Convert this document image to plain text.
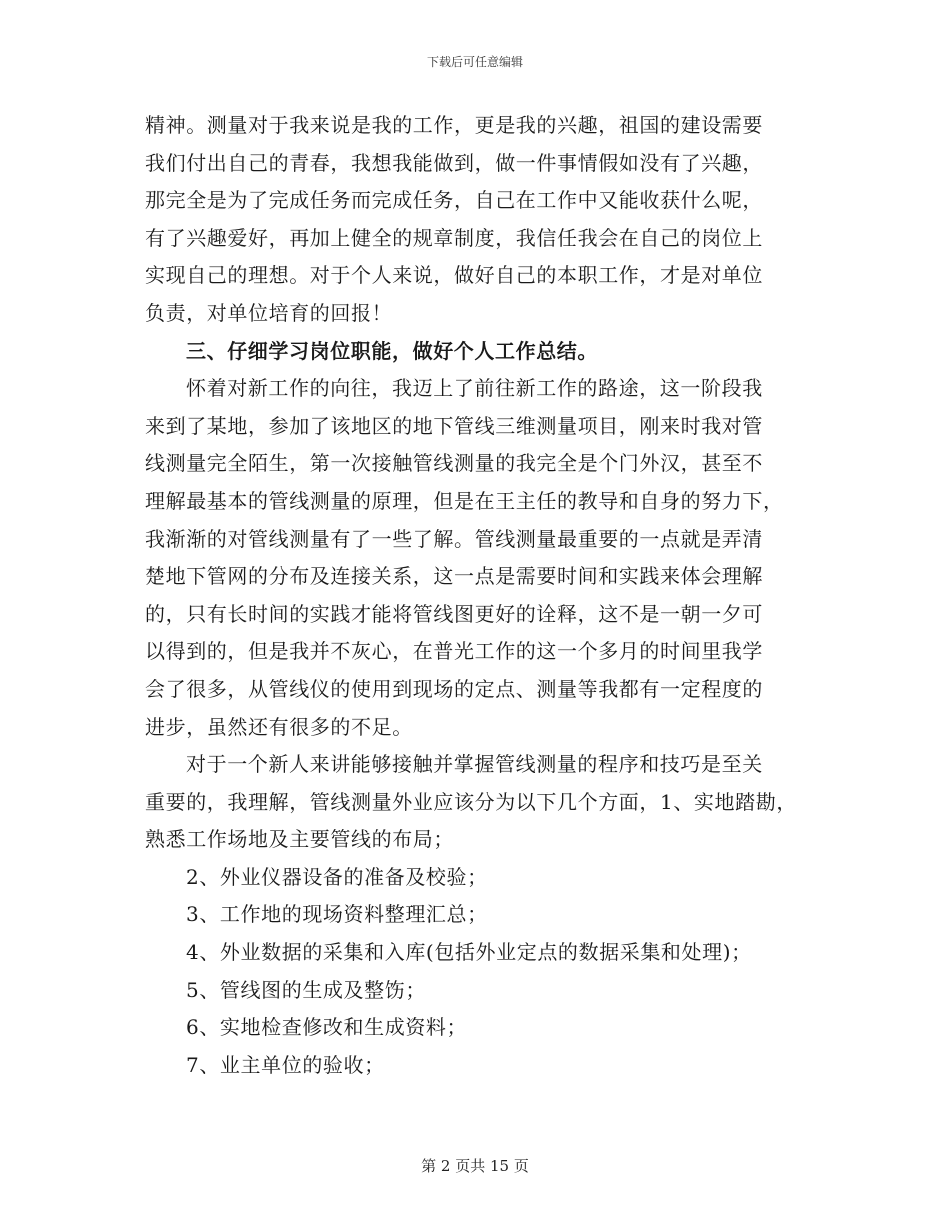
下载后可任意编辑
精神。测量对于我来说是我的工作，更是我的兴趣，祖国的建设需要
我们付出自己的青春，我想我能做到，做一件事情假如没有了兴趣，
那完全是为了完成任务而完成任务，自己在工作中又能收获什么呢，
有了兴趣爱好，再加上健全的规章制度，我信任我会在自己的岗位上
实现自己的理想。对于个人来说，做好自己的本职工作，才是对单位
负责，对单位培育的回报！
三、仔细学习岗位职能，做好个人工作总结。
怀着对新工作的向往，我迈上了前往新工作的路途，这一阶段我
来到了某地，参加了该地区的地下管线三维测量项目，刚来时我对管
线测量完全陌生，第一次接触管线测量的我完全是个门外汉，甚至不
理解最基本的管线测量的原理，但是在王主任的教导和自身的努力下，
我渐渐的对管线测量有了一些了解。管线测量最重要的一点就是弄清
楚地下管网的分布及连接关系，这一点是需要时间和实践来体会理解
的，只有长时间的实践才能将管线图更好的诠释，这不是一朝一夕可
以得到的，但是我并不灰心，在普光工作的这一个多月的时间里我学
会了很多，从管线仪的使用到现场的定点、测量等我都有一定程度的
进步，虽然还有很多的不足。
对于一个新人来讲能够接触并掌握管线测量的程序和技巧是至关
重要的，我理解，管线测量外业应该分为以下几个方面，1、实地踏勘，
熟悉工作场地及主要管线的布局；
2、外业仪器设备的准备及校验；
3、工作地的现场资料整理汇总；
4、外业数据的采集和入库(包括外业定点的数据采集和处理)；
5、管线图的生成及整饬；
6、实地检查修改和生成资料；
7、业主单位的验收；
第 2 页共 15 页
